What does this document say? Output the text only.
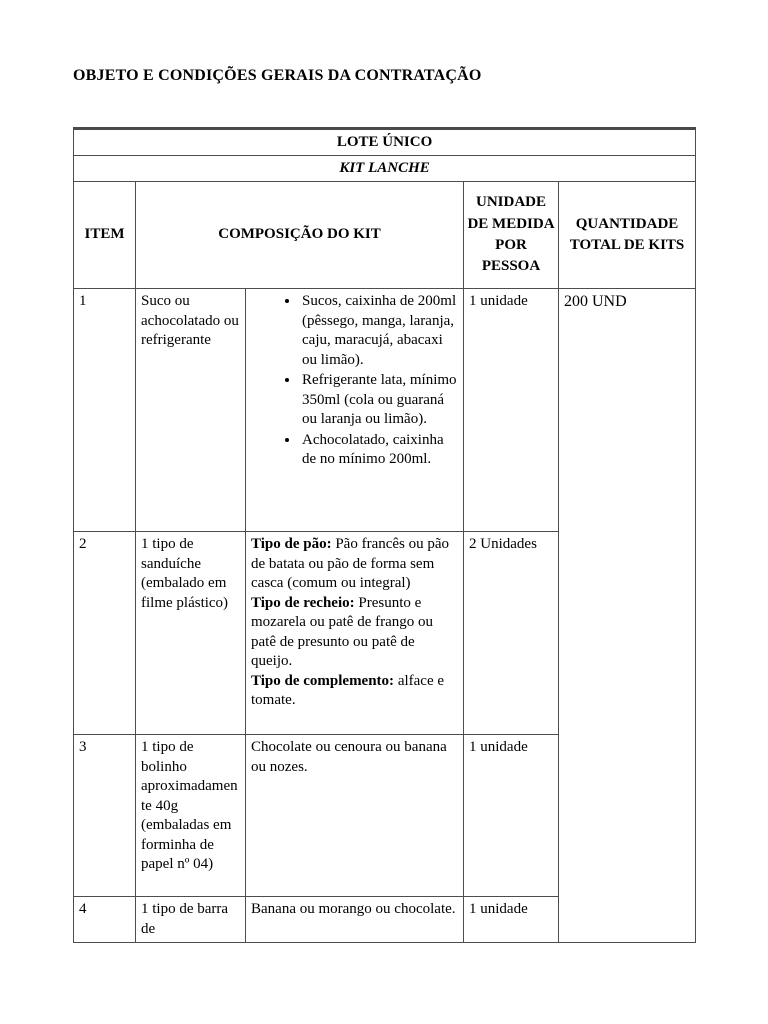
OBJETO E CONDIÇÕES GERAIS DA CONTRATAÇÃO
LOTE ÚNICO				
KIT LANCHE				
ITEM	COMPOSIÇÃO DO KIT		UNIDADE DE MEDIDA POR PESSOA	QUANTIDADE TOTAL DE KITS
1	Suco ou achocolatado ou refrigerante	
• Sucos, caixinha de 200ml (pêssego, manga, laranja, caju, maracujá, abacaxi ou limão).
• Refrigerante lata, mínimo 350ml (cola ou guaraná ou laranja ou limão).
• Achocolatado, caixinha de no mínimo 200ml.
	1 unidade	200 UND
2	1 tipo de sanduíche (embalado em filme plástico)	Tipo de pão: Pão francês ou pão de batata ou pão de forma sem casca (comum ou integral)
Tipo de recheio: Presunto e mozarela ou patê de frango ou patê de presunto ou patê de queijo.
Tipo de complemento: alface e tomate.	2 Unidades	
3	1 tipo de bolinho aproximadamente 40g (embaladas em forminha de papel nº 04)	Chocolate ou cenoura ou banana ou nozes.	1 unidade	
4	1 tipo de barra de	Banana ou morango ou chocolate.	1 unidade	
